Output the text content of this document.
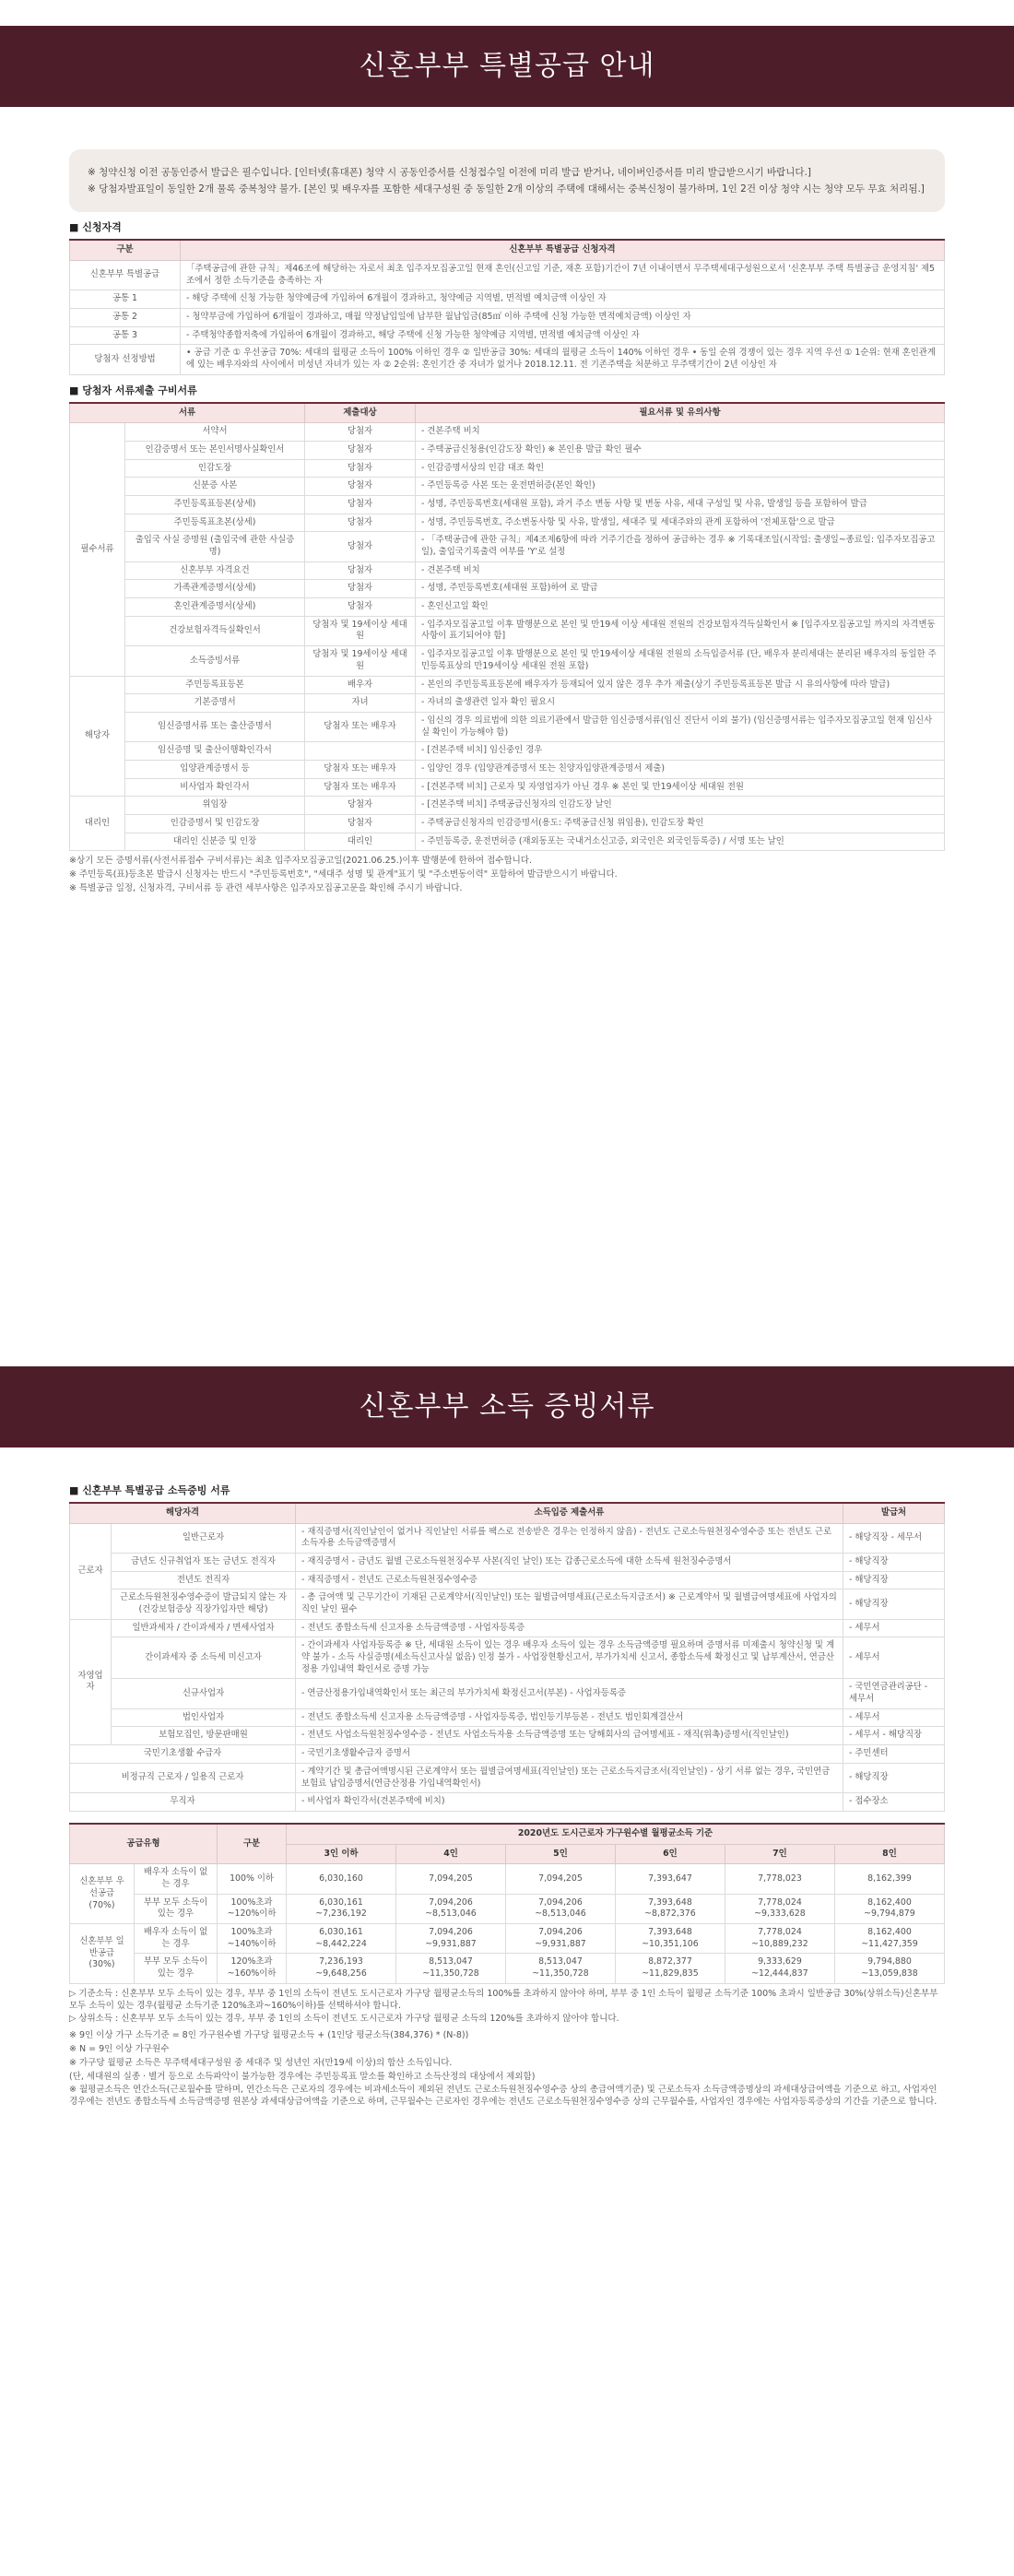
신혼부부 특별공급 안내

※ 청약신청 이전 공동인증서 발급은 필수입니다. [인터넷(휴대폰) 청약 시 공동인증서를 신청접수일 이전에 미리 발급 받거나, 네이버인증서를 미리 발급받으시기 바랍니다.]

※ 당첨자발표일이 동일한 2개 물록 중복청약 불가. [본인 및 배우자를 포함한 세대구성원 중 동일한 2개 이상의 주택에 대해서는 중복신청이 불가하며, 1인 2건 이상 청약 시는 청약 모두 무효 처리됨.]

■ 신청자격
구분	신혼부부 특별공급 신청자격
신혼부부 특별공급	「주택공급에 관한 규칙」제46조에 해당하는 자로서 최초 입주자모집공고일 현재 혼인(신고일 기준, 재혼 포함)기간이 7년 이내이면서 무주택세대구성원으로서 '신혼부부 주택 특별공급 운영지침' 제5조에서 정한 소득기준을 충족하는 자
공통 1	- 해당 주택에 신청 가능한 청약예금에 가입하여 6개월이 경과하고, 청약예금 지역별, 면적별 예치금액 이상인 자
공통 2	- 청약부금에 가입하여 6개월이 경과하고, 매월 약정납입일에 납부한 월납입금(85㎡ 이하 주택에 신청 가능한 면적예치금액) 이상인 자
공통 3	- 주택청약종합저축에 가입하여 6개월이 경과하고, 해당 주택에 신청 가능한 청약예금 지역별, 면적별 예치금액 이상인 자
당첨자 선정방법	• 공급 기준 ① 우선공급 70%: 세대의 월평균 소득이 100% 이하인 경우 ② 일반공급 30%: 세대의 월평균 소득이 140% 이하인 경우 • 동일 순위 경쟁이 있는 경우 지역 우선 ① 1순위: 현재 혼인관계에 있는 배우자와의 사이에서 미성년 자녀가 있는 자 ② 2순위: 혼인기간 중 자녀가 없거나 2018.12.11. 전 기존주택을 처분하고 무주택기간이 2년 이상인 자
■ 당첨자 서류제출 구비서류
서류		제출대상	필요서류 및 유의사항
필수서류	서약서	당첨자	- 견본주택 비치
	인감증명서 또는 본인서명사실확인서	당첨자	- 주택공급신청용(인감도장 확인) ※ 본인용 발급 확인 필수
	인감도장	당첨자	- 인감증명서상의 인감 대조 확인
	신분증 사본	당첨자	- 주민등록증 사본 또는 운전면허증(본인 확인)
	주민등록표등본(상세)	당첨자	- 성명, 주민등록번호(세대원 포함), 과거 주소 변동 사항 및 변동 사유, 세대 구성일 및 사유, 발생일 등을 포함하여 발급
	주민등록표초본(상세)	당첨자	- 성명, 주민등록번호, 주소변동사항 및 사유, 발생일, 세대주 및 세대주와의 관계 포함하여 '전체포함'으로 발급
	출입국 사실 증명원 (출입국에 관한 사실증명)	당첨자	- 「주택공급에 관한 규칙」제4조제6항에 따라 거주기간을 정하여 공급하는 경우 ※ 기록대조일(시작일: 출생일~종료일: 입주자모집공고일), 출입국기록출력 여부를 'Y'로 설정
	신혼부부 자격요건	당첨자	- 견본주택 비치
	가족관계증명서(상세)	당첨자	- 성명, 주민등록번호(세대원 포함)하여 로 발급
	혼인관계증명서(상세)	당첨자	- 혼인신고일 확인
	건강보험자격득실확인서	당첨자 및 19세이상 세대원	- 입주자모집공고일 이후 발행분으로 본인 및 만19세 이상 세대원 전원의 건강보험자격득실확인서 ※ [입주자모집공고일 까지의 자격변동 사항이 표기되어야 함]
	소득증빙서류	당첨자 및 19세이상 세대원	- 입주자모집공고일 이후 발행분으로 본인 및 만19세이상 세대원 전원의 소득입증서류 (단, 배우자 분리세대는 분리된 배우자의 동일한 주민등록표상의 만19세이상 세대원 전원 포함)
해당자	주민등록표등본	배우자	- 본인의 주민등록표등본에 배우자가 등재되어 있지 않은 경우 추가 제출(상기 주민등록표등본 발급 시 유의사항에 따라 발급)
	기본증명서	자녀	- 자녀의 출생관련 일자 확인 필요시
	임신증명서류 또는 출산증명서	당첨자 또는 배우자	- 임신의 경우 의료법에 의한 의료기관에서 발급한 임신증명서류(임신 진단서 이외 불가) (임신증명서류는 입주자모집공고일 현재 임신사실 확인이 가능해야 함)
	임신증명 및 출산이행확인각서		- [견본주택 비치] 임신중인 경우
	입양관계증명서 등	당첨자 또는 배우자	- 입양인 경우 (입양관계증명서 또는 친양자입양관계증명서 제출)
	비사업자 확인각서	당첨자 또는 배우자	- [견본주택 비치] 근로자 및 자영업자가 아닌 경우 ※ 본인 및 만19세이상 세대원 전원
대리인	위임장	당첨자	- [견본주택 비치] 주택공급신청자의 인감도장 날인
	인감증명서 및 인감도장	당첨자	- 주택공급신청자의 인감증명서(용도: 주택공급신청 위임용), 인감도장 확인
	대리인 신분증 및 인장	대리인	- 주민등록증, 운전면허증 (재외동포는 국내거소신고증, 외국인은 외국인등록증) / 서명 또는 날인

※상기 모든 증명서류(사전서류접수 구비서류)는 최초 입주자모집공고일(2021.06.25.)이후 발행분에 한하여 접수합니다.

※ 주민등록(표)등초본 발급시 신청자는 반드시 "주민등록번호", "세대주 성명 및 관계"표기 및 "주소변동이력" 포함하여 발급받으시기 바랍니다.

※ 특별공급 일정, 신청자격, 구비서류 등 관련 세부사항은 입주자모집공고문을 확인해 주시기 바랍니다.

신혼부부 소득 증빙서류
■ 신혼부부 특별공급 소득증빙 서류
해당자격		소득입증 제출서류	발급처
근로자	일반근로자	- 재직증명서(직인날인이 없거나 직인날인 서류를 팩스로 전송받은 경우는 인정하지 않음) - 전년도 근로소득원천징수영수증 또는 전년도 근로소득자용 소득금액증명서	- 해당직장 - 세무서
	금년도 신규취업자 또는 금년도 전직자	- 재직증명서 - 금년도 월별 근로소득원천징수부 사본(직인 날인) 또는 갑종근로소득에 대한 소득세 원천징수증명서	- 해당직장
	전년도 전직자	- 재직증명서 - 전년도 근로소득원천징수영수증	- 해당직장
	근로소득원천징수영수증이 발급되지 않는 자 (건강보험증상 직장가입자만 해당)	- 총 급여액 및 근무기간이 기재된 근로계약서(직인날인) 또는 월별급여명세표(근로소득지급조서) ※ 근로계약서 및 월별급여명세표에 사업자의 직인 날인 필수	- 해당직장
자영업자	일반과세자 / 간이과세자 / 면세사업자	- 전년도 종합소득세 신고자용 소득금액증명 - 사업자등록증	- 세무서
	간이과세자 중 소득세 미신고자	- 간이과세자 사업자등록증 ※ 단, 세대원 소득이 있는 경우 배우자 소득이 있는 경우 소득금액증명 필요하며 증명서류 미제출시 청약신청 및 계약 불가 - 소득 사실증명(세소득신고사실 없음) 인정 불가 - 사업장현황신고서, 부가가치세 신고서, 종합소득세 확정신고 및 납부계산서, 연금산정용 가입내역 확인서로 증명 가능	- 세무서
	신규사업자	- 연금산정용가입내역확인서 또는 최근의 부가가치세 확정신고서(부본) - 사업자등록증	- 국민연금관리공단 - 세무서
	법인사업자	- 전년도 종합소득세 신고자용 소득금액증명 - 사업자등록증, 법인등기부등본 - 전년도 법인회계결산서	- 세무서
	보험모집인, 방문판매원	- 전년도 사업소득원천징수영수증 - 전년도 사업소득자용 소득금액증명 또는 당해회사의 급여명세표 - 재직(위촉)증명서(직인날인)	- 세무서 - 해당직장
국민기초생활 수급자		- 국민기초생활수급자 증명서	- 주민센터
비정규직 근로자 / 일용직 근로자		- 계약기간 및 총급여액명시된 근로계약서 또는 월별급여명세표(직인날인) 또는 근로소득지급조서(직인날인) - 상기 서류 없는 경우, 국민연금보험료 납입증명서(연금산정용 가입내역확인서)	- 해당직장
무직자		- 비사업자 확인각서(견본주택에 비치)	- 접수장소
공급유형		구분	2020년도 도시근로자 가구원수별 월평균소득 기준					
			3인 이하	4인	5인	6인	7인	8인
신혼부부 우선공급 (70%)	배우자 소득이 없는 경우	100% 이하	6,030,160	7,094,205	7,094,205	7,393,647	7,778,023	8,162,399
	부부 모두 소득이 있는 경우	100%초과~120%이하	6,030,161 ~7,236,192	7,094,206 ~8,513,046	7,094,206 ~8,513,046	7,393,648 ~8,872,376	7,778,024 ~9,333,628	8,162,400 ~9,794,879
신혼부부 일반공급 (30%)	배우자 소득이 없는 경우	100%초과~140%이하	6,030,161 ~8,442,224	7,094,206 ~9,931,887	7,094,206 ~9,931,887	7,393,648 ~10,351,106	7,778,024 ~10,889,232	8,162,400 ~11,427,359
	부부 모두 소득이 있는 경우	120%초과~160%이하	7,236,193 ~9,648,256	8,513,047 ~11,350,728	8,513,047 ~11,350,728	8,872,377 ~11,829,835	9,333,629 ~12,444,837	9,794,880 ~13,059,838

▷ 기준소득 : 신혼부부 모두 소득이 있는 경우, 부부 중 1인의 소득이 전년도 도시근로자 가구당 월평균소득의 100%를 초과하지 않아야 하며, 부부 중 1인 소득이 월평균 소득기준 100% 초과시 일반공급 30%(상위소득)신혼부부 모두 소득이 있는 경우(월평균 소득기준 120%초과~160%이하)를 선택하셔야 합니다.

▷ 상위소득 : 신혼부부 모두 소득이 있는 경우, 부부 중 1인의 소득이 전년도 도시근로자 가구당 월평균 소득의 120%를 초과하지 않아야 합니다.

※ 9인 이상 가구 소득기준 = 8인 가구원수별 가구당 월평균소득 + (1인당 평균소득(384,376) * (N-8))

※ N = 9인 이상 가구원수

※ 가구당 월평균 소득은 무주택세대구성원 중 세대주 및 성년인 자(만19세 이상)의 합산 소득입니다.

(단, 세대원의 실종 · 별거 등으로 소득파악이 불가능한 경우에는 주민등록표 말소를 확인하고 소득산정의 대상에서 제외함)

※ 월평균소득은 연간소득(근로월수를 말하며, 연간소득은 근로자의 경우에는 비과세소득이 제외된 전년도 근로소득원천징수영수증 상의 총급여액기준) 및 근로소득자 소득금액증명상의 과세대상급여액을 기준으로 하고, 사업자인 경우에는 전년도 종합소득세 소득금액증명 원본상 과세대상급여액을 기준으로 하며, 근무월수는 근로자인 경우에는 전년도 근로소득원천징수영수증 상의 근무월수를, 사업자인 경우에는 사업자등록증상의 기간을 기준으로 합니다.
